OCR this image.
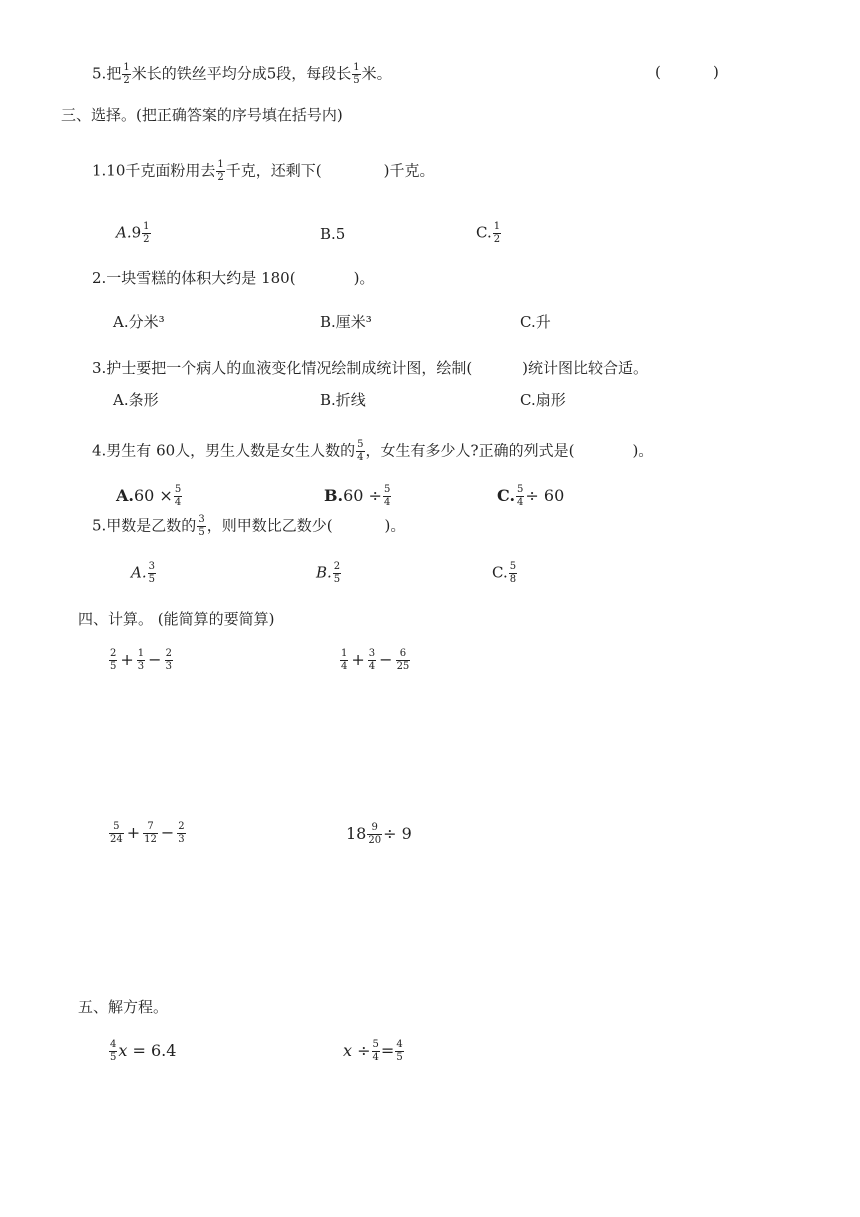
5.把 $\frac{1}{2}$ 米长的铁丝平均分成5段，每段长 $\frac{1}{5}$ 米。	(	)
三、选择。(把正确答案的序号填在括号内)
1.10千克面粉用去 $\frac{1}{2}$ 千克，还剩下(	)千克。
$A.9 \frac{1}{2}$	B.5	C. $\frac{1}{2}$
2.一块雪糕的体积大约是 180(	)。
A.分米³	B.厘米³	C.升
3.护士要把一个病人的血液变化情况绘制成统计图，绘制(	)统计图比较合适。
A.条形	B.折线	C.扇形
4.男生有 60人，男生人数是女生人数的 $\frac{5}{4}$ ，女生有多少人?正确的列式是(	)。
$A.60 \times \frac{5}{4}$	$B.60 \div \frac{5}{4}$	C. $\frac{5}{4} \div 60$
5.甲数是乙数的 $\frac{3}{5}$ ，则甲数比乙数少(	)。
A. $\frac{3}{5}$	B. $\frac{2}{5}$	C. $\frac{5}{8}$
四、计算。 (能简算的要简算)
$\frac{2}{5} + \frac{1}{3} - \frac{2}{3}$	$\frac{1}{4} + \frac{3}{4} - \frac{6}{25}$
$\frac{5}{24} + \frac{7}{12} - \frac{2}{3}$	$18 \frac{9}{20} \div 9$
五、解方程。
$\frac{4}{5}$ x = 6.4	$x \div \frac{5}{4} = \frac{4}{5}$
